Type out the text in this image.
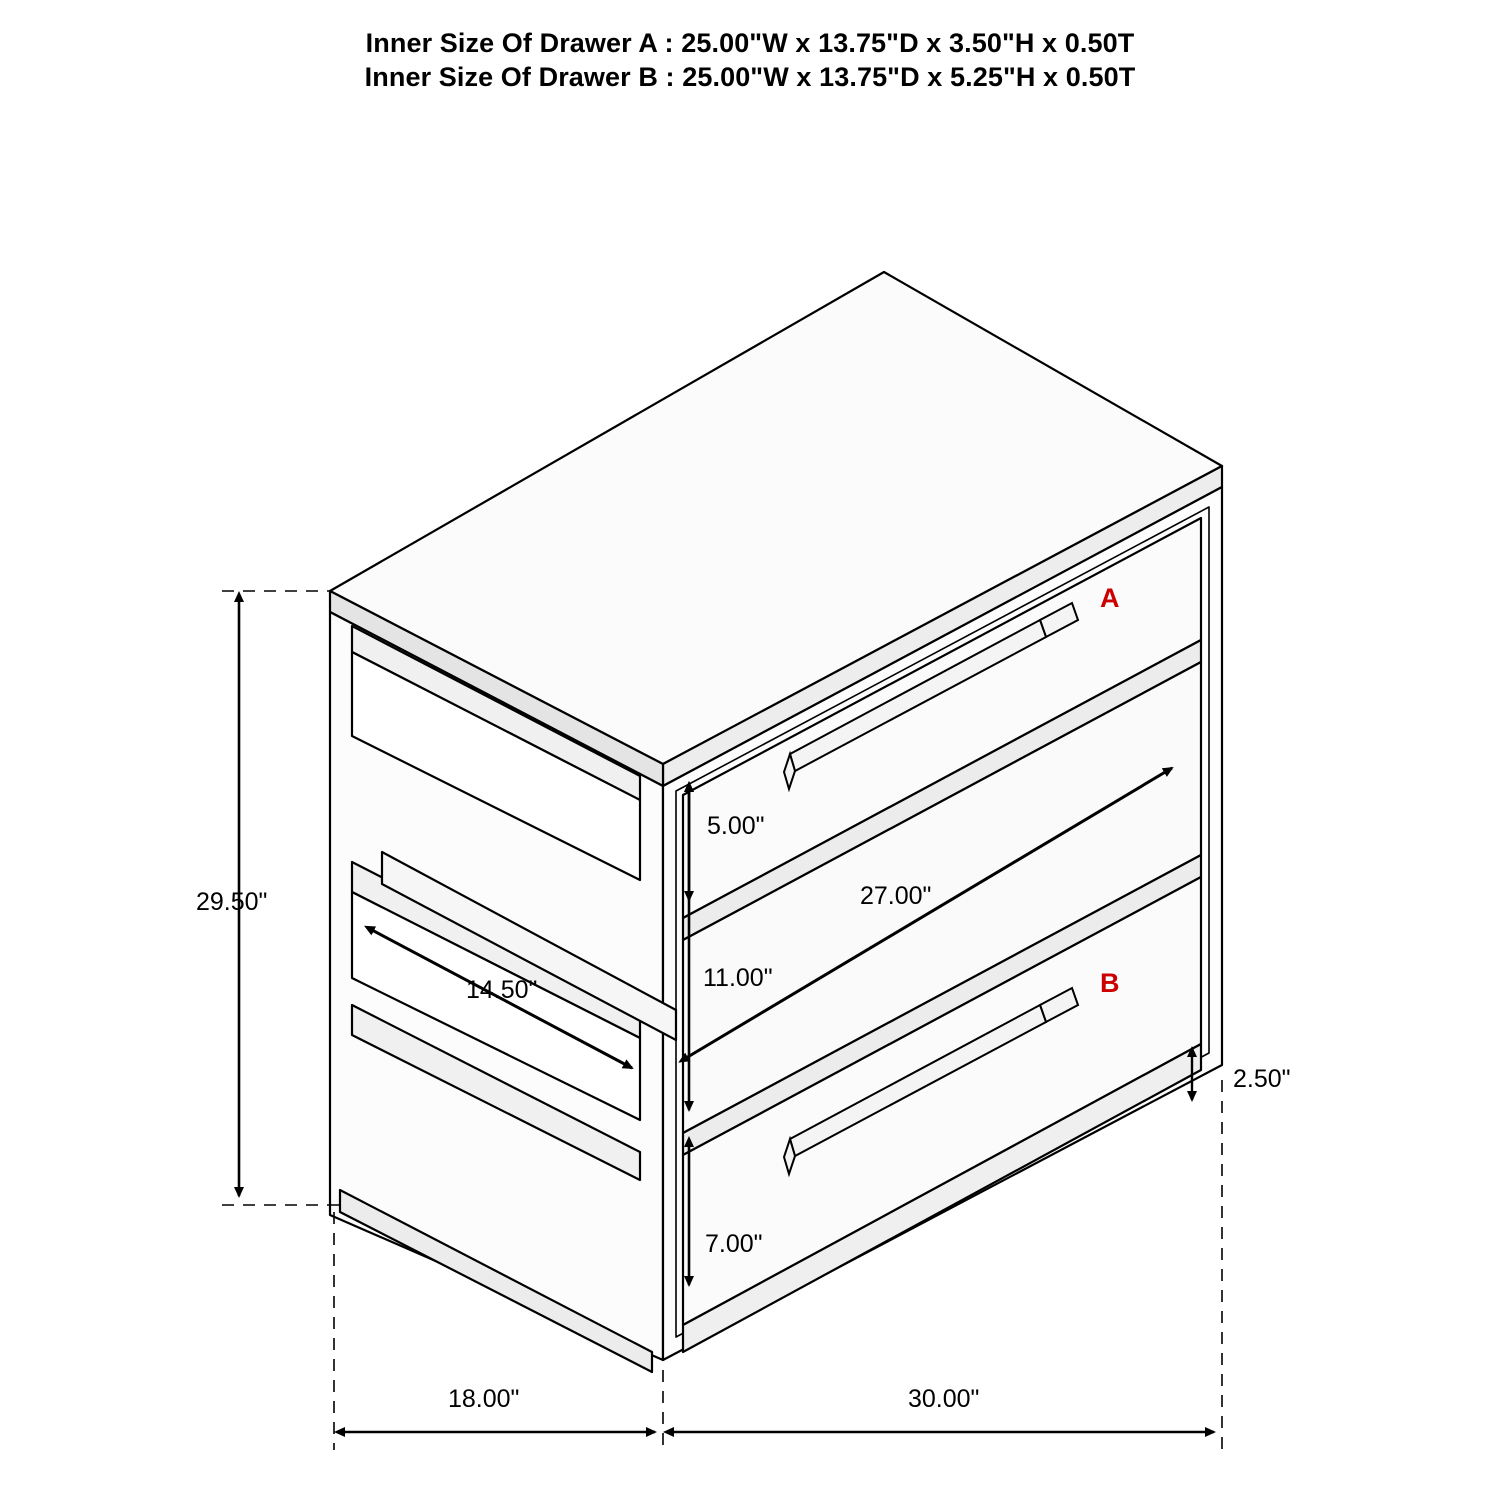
Inner Size Of Drawer A : 25.00"W x 13.75"D x 3.50"H x 0.50T
Inner Size Of Drawer B : 25.00"W x 13.75"D x 5.25"H x 0.50T
A
B
29.50"
5.00"
11.00"
7.00"
2.50"
27.00"
14.50"
18.00"	30.00"
